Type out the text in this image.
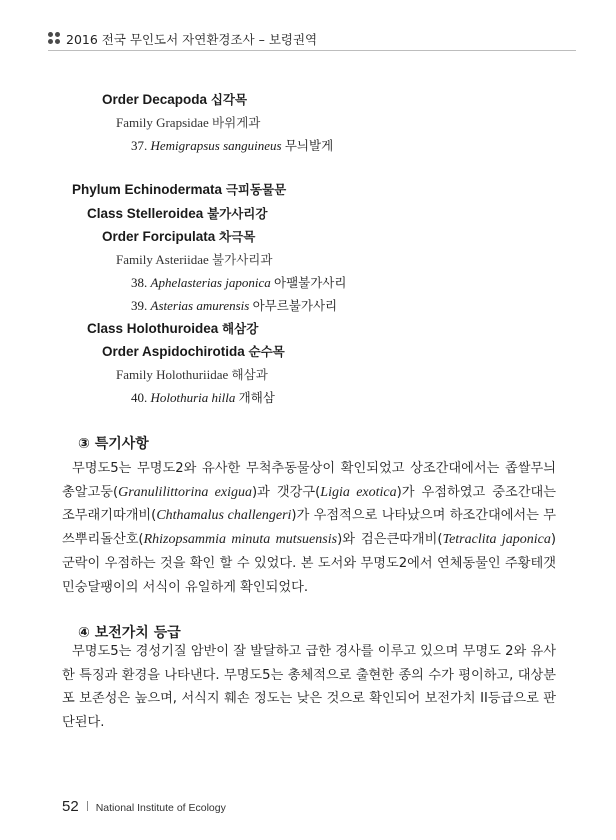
2016 전국 무인도서 자연환경조사 – 보령권역
Order Decapoda 십각목
Family Grapsidae 바위게과
37. Hemigrapsus sanguineus 무늬발게
Phylum Echinodermata 극피동물문
Class Stelleroidea 불가사리강
Order Forcipulata 차극목
Family Asteriidae 불가사리과
38. Aphelasterias japonica 아팰불가사리
39. Asterias amurensis 아무르불가사리
Class Holothuroidea 해삼강
Order Aspidochirotida 순수목
Family Holothuriidae 해삼과
40. Holothuria hilla 개해삼
③ 특기사항
무명도5는 무명도2와 유사한 무척추동물상이 확인되었고 상조간대에서는 좁쌀무늬총알고둥(Granulilittorina exigua)과 갯강구(Ligia exotica)가 우점하였고 중조간대는 조무래기따개비(Chthamalus challengeri)가 우점적으로 나타났으며 하조간대에서는 무쓰뿌리돌산호(Rhizopsammia minuta mutsuensis)와 검은큰따개비(Tetraclita japonica) 군락이 우점하는 것을 확인 할 수 있었다. 본 도서와 무명도2에서 연체동물인 주황테갯민숭달팽이의 서식이 유일하게 확인되었다.
④ 보전가치 등급
무명도5는 경성기질 암반이 잘 발달하고 급한 경사를 이루고 있으며 무명도 2와 유사한 특징과 환경을 나타낸다. 무명도5는 총체적으로 출현한 종의 수가 평이하고, 대상분포 보존성은 높으며, 서식지 훼손 정도는 낮은 것으로 확인되어 보전가치 II등급으로 판단된다.
52 National Institute of Ecology
